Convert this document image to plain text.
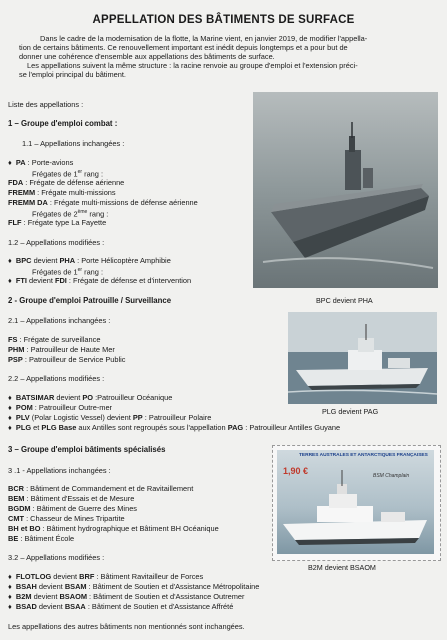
APPELLATION DES BÂTIMENTS DE SURFACE
Dans le cadre de la modernisation de la flotte, la Marine vient, en janvier 2019, de modifier l'appella-
tion de certains bâtiments. Ce renouvellement important est inédit depuis longtemps et a pour but de
donner une cohérence d'ensemble aux appellations des bâtiments de surface.
Les appellations suivent la même structure : la racine renvoie au groupe d'emploi et l'extension préci-
se l'emploi principal du bâtiment.
Liste des appellations :
1 – Groupe d'emploi combat :
1.1 – Appellations inchangées :
♦ PA : Porte-avions
Frégates de 1er rang :
FDA : Frégate de défense aérienne
FREMM : Frégate multi-missions
FREMM DA : Frégate multi-missions de défense aérienne
Frégates de 2ème rang :
FLF : Frégate type La Fayette
1.2 – Appellations modifiées :
♦ BPC devient PHA : Porte Hélicoptère Amphibie
Frégates de 1er rang :
♦ FTI devient FDI : Frégate de défense et d'intervention
2 - Groupe d'emploi Patrouille / Surveillance
2.1 – Appellations inchangées :
FS : Frégate de surveillance
PHM : Patrouilleur de Haute Mer
PSP : Patrouilleur de Service Public
2.2 – Appellations modifiées :
♦ BATSIMAR devient PO :Patrouilleur Océanique
♦ POM : Patrouilleur Outre-mer
♦ PLV (Polar Logistic Vessel) devient PP : Patrouilleur Polaire
♦ PLG et PLG Base aux Antilles sont regroupés sous l'appellation PAG : Patrouilleur Antilles Guyane
3 – Groupe d'emploi bâtiments spécialisés
3 .1 - Appellations inchangées :
BCR : Bâtiment de Commandement et de Ravitaillement
BEM : Bâtiment d'Essais et de Mesure
BGDM : Bâtiment de Guerre des Mines
CMT : Chasseur de Mines Tripartite
BH et BO : Bâtiment hydrographique et Bâtiment BH Océanique
BE : Bâtiment École
3.2 – Appellations modifiées :
♦ FLOTLOG devient BRF : Bâtiment Ravitailleur de Forces
♦ BSAH devient BSAM : Bâtiment de Soutien et d'Assistance Métropolitaine
♦ B2M devient BSAOM : Bâtiment de Soutien et d'Assistance Outremer
♦ BSAD devient BSAA : Bâtiment de Soutien et d'Assistance Affrété
Les appellations des autres bâtiments non mentionnés sont inchangées.
BPC devient PHA
PLG devient PAG
TERRES AUSTRALES ET ANTARCTIQUES FRANÇAISES
1,90 €	BSM Champlain
B2M devient BSAOM
